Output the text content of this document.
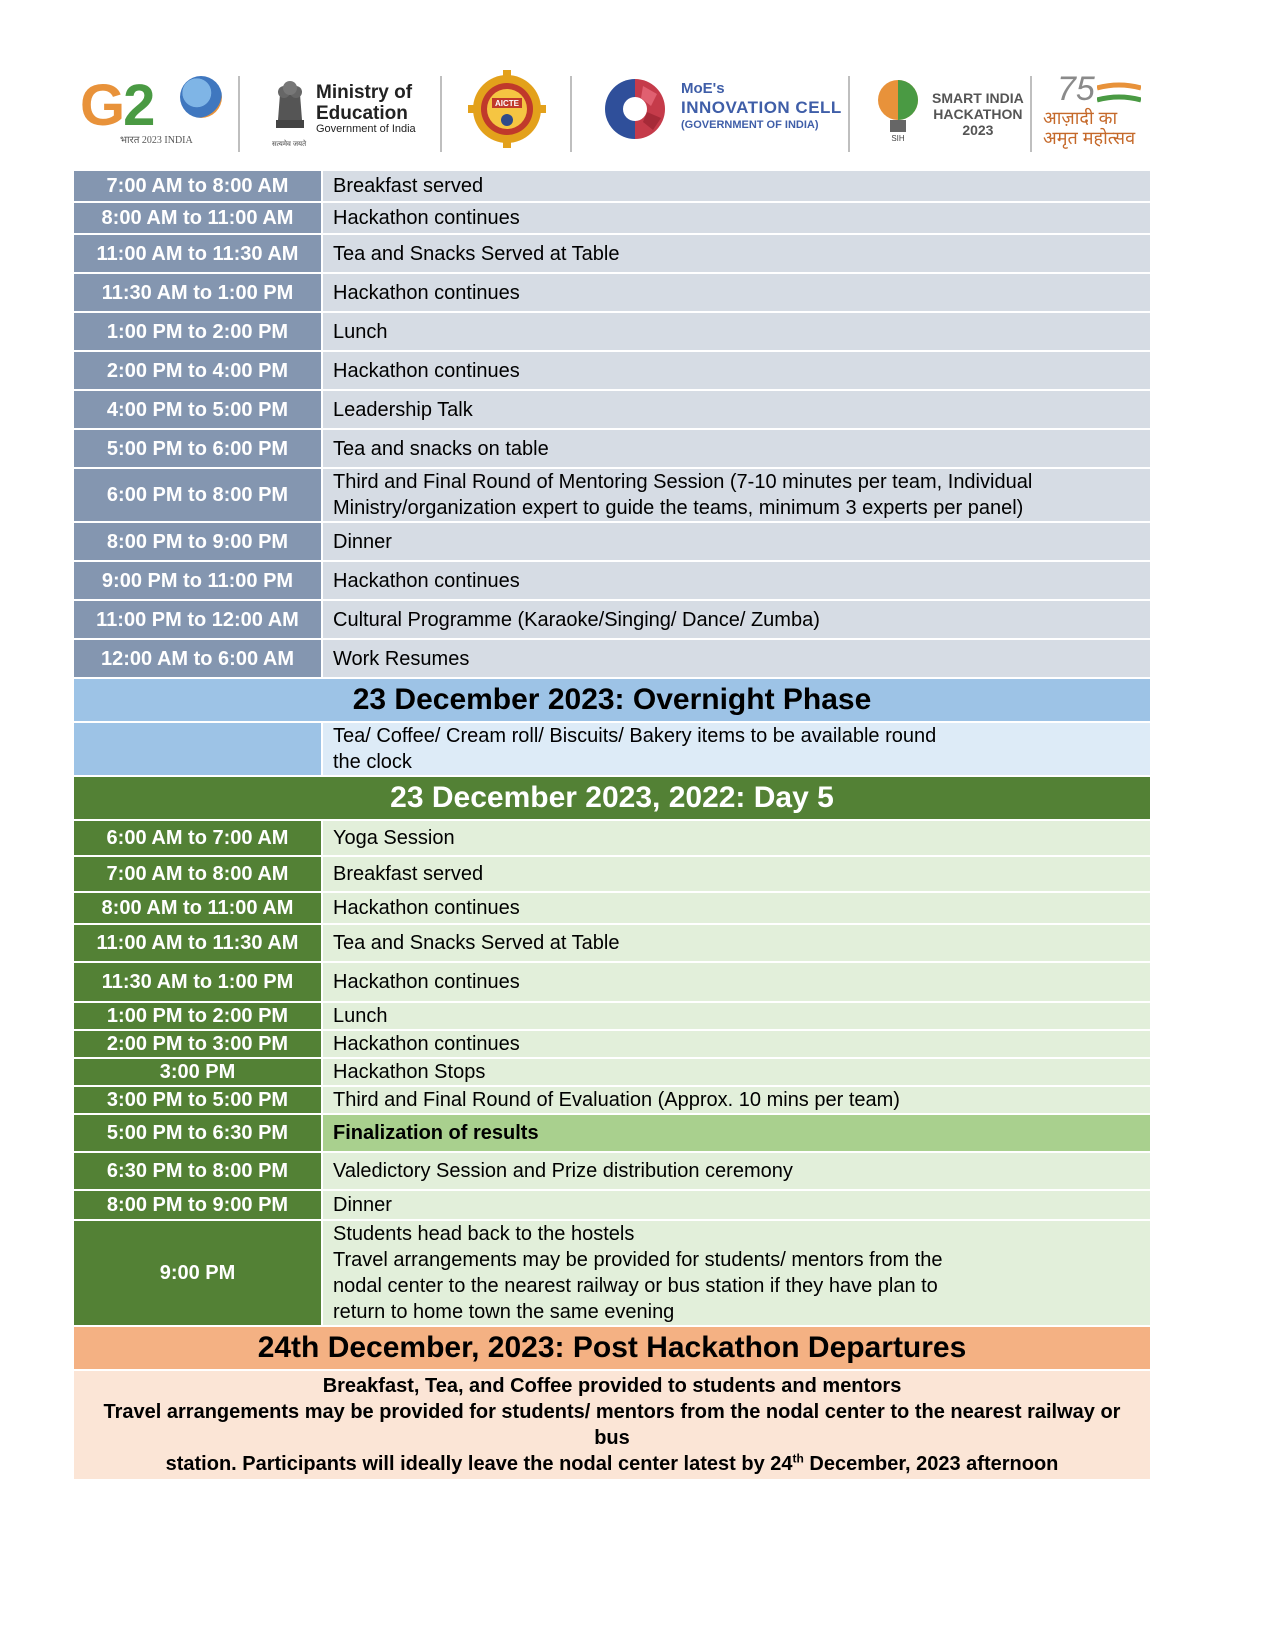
G2
भारत 2023 INDIA
Ministry of
Education
Government of India
सत्यमेव जयते
AICTE
MoE's
INNOVATION CELL
(GOVERNMENT OF INDIA)
SIH
SMART INDIA
HACKATHON
2023
75
आज़ादी का
अमृत महोत्सव
7:00 AM to 8:00 AM	Breakfast served
8:00 AM to 11:00 AM	Hackathon continues
11:00 AM to 11:30 AM	Tea and Snacks Served at Table
11:30 AM to 1:00 PM	Hackathon continues
1:00 PM to 2:00 PM	Lunch
2:00 PM to 4:00 PM	Hackathon continues
4:00 PM to 5:00 PM	Leadership Talk
5:00 PM to 6:00 PM	Tea and snacks on table
6:00 PM to 8:00 PM	Third and Final Round of Mentoring Session (7-10 minutes per team, Individual Ministry/organization expert to guide the teams, minimum 3 experts per panel)
8:00 PM to 9:00 PM	Dinner
9:00 PM to 11:00 PM	Hackathon continues
11:00 PM to 12:00 AM	Cultural Programme (Karaoke/Singing/ Dance/ Zumba)
12:00 AM to 6:00 AM	Work Resumes
23 December 2023: Overnight Phase	
	Tea/ Coffee/ Cream roll/ Biscuits/ Bakery items to be available round
the clock
23 December 2023, 2022: Day 5	
6:00 AM to 7:00 AM	Yoga Session
7:00 AM to 8:00 AM	Breakfast served
8:00 AM to 11:00 AM	Hackathon continues
11:00 AM to 11:30 AM	Tea and Snacks Served at Table
11:30 AM to 1:00 PM	Hackathon continues
1:00 PM to 2:00 PM	Lunch
2:00 PM to 3:00 PM	Hackathon continues
3:00 PM	Hackathon Stops
3:00 PM to 5:00 PM	Third and Final Round of Evaluation (Approx. 10 mins per team)
5:00 PM to 6:30 PM	Finalization of results
6:30 PM to 8:00 PM	Valedictory Session and Prize distribution ceremony
8:00 PM to 9:00 PM	Dinner
9:00 PM	Students head back to the hostels
Travel arrangements may be provided for students/ mentors from the
nodal center to the nearest railway or bus station if they have plan to
return to home town the same evening
24th December, 2023: Post Hackathon Departures	
Breakfast, Tea, and Coffee provided to students and mentors
Travel arrangements may be provided for students/ mentors from the nodal center to the nearest railway or bus
station. Participants will ideally leave the nodal center latest by 24th December, 2023 afternoon	
